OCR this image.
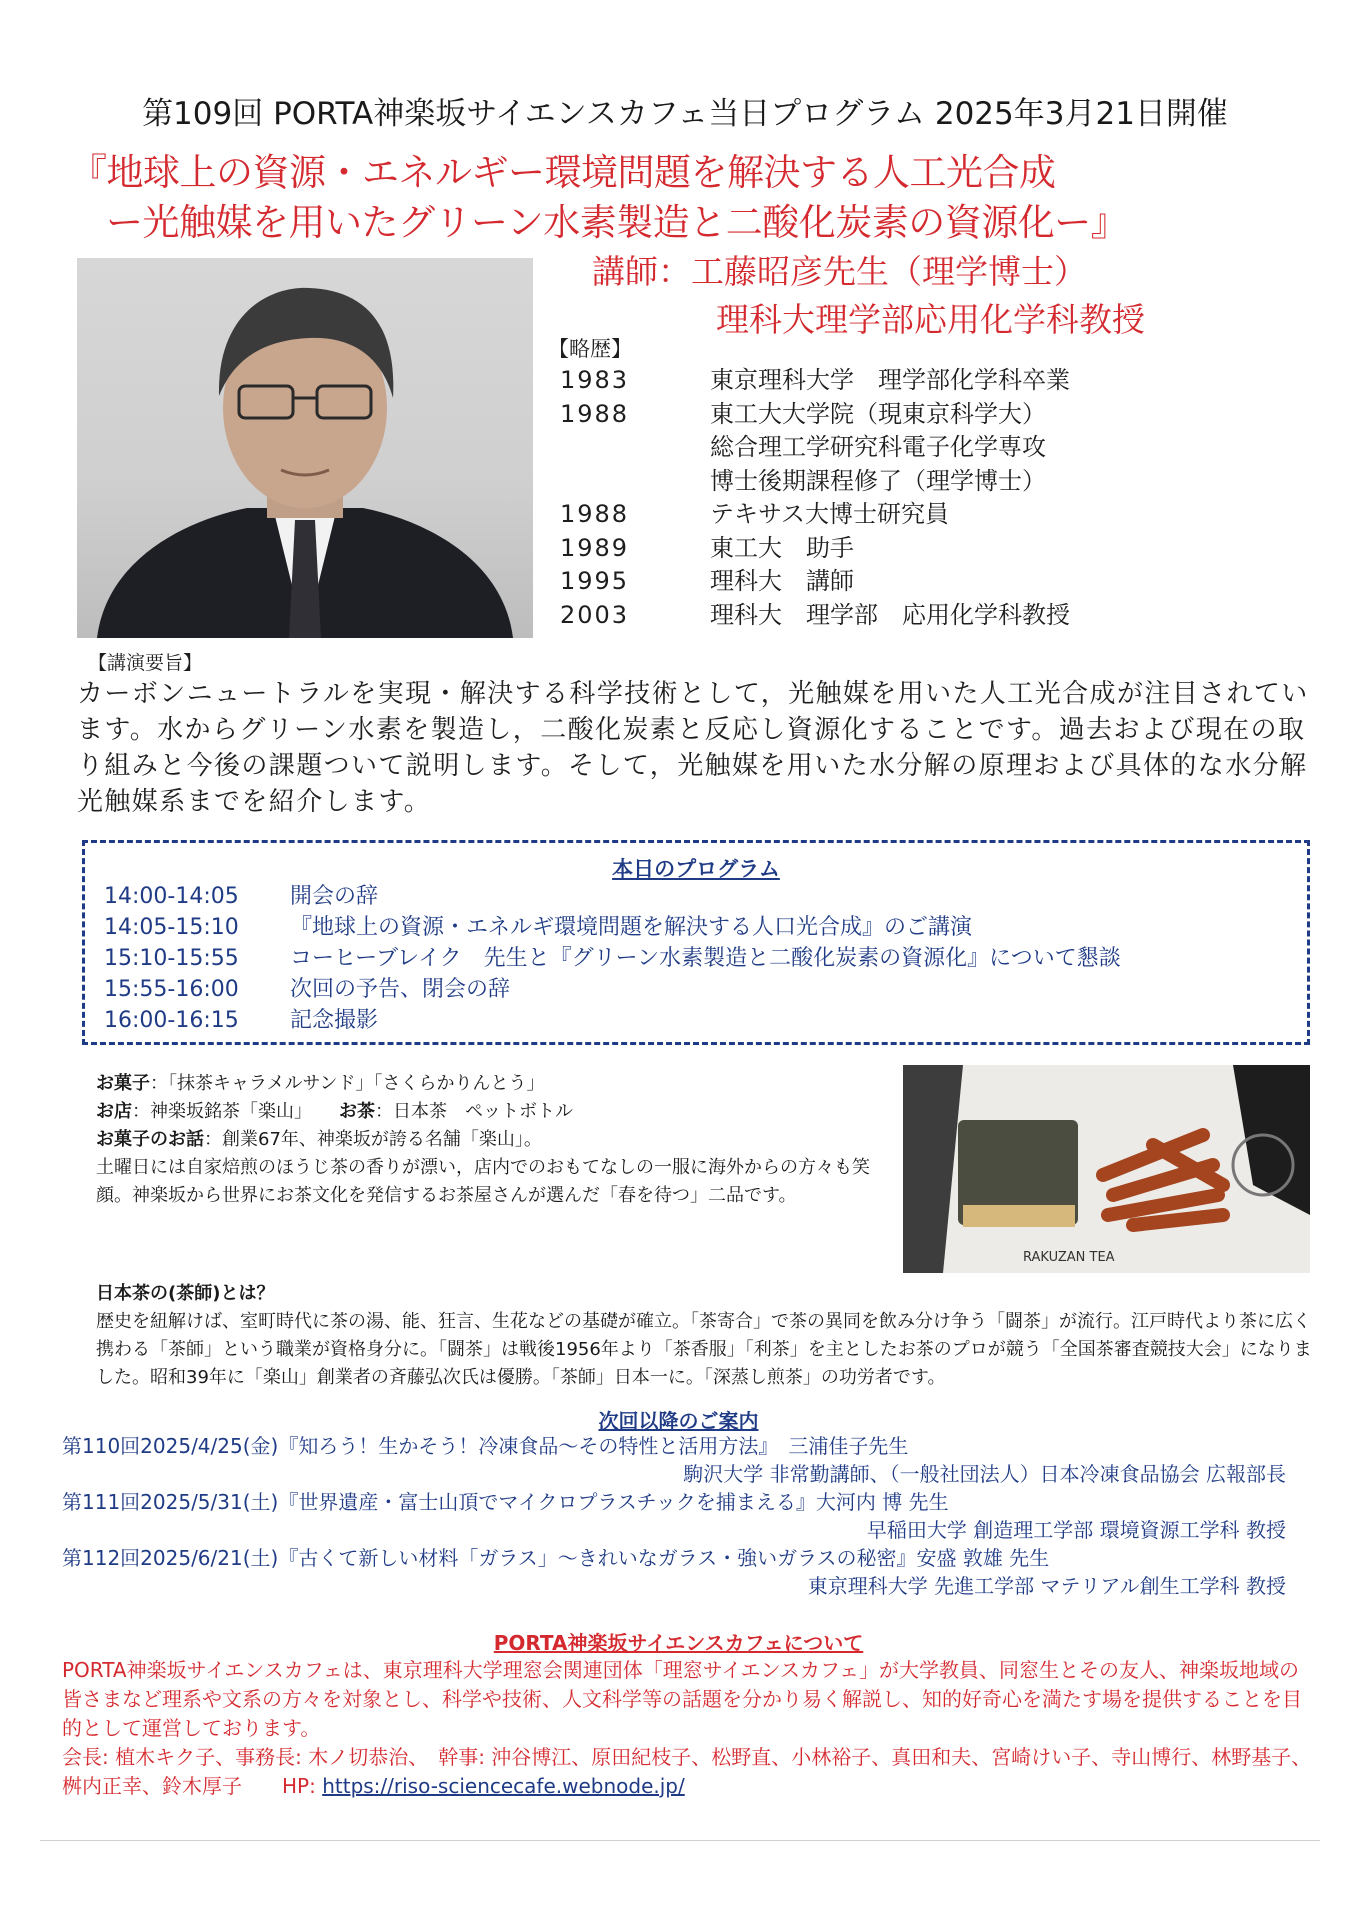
第109回 PORTA神楽坂サイエンスカフェ当日プログラム 2025年3月21日開催
『地球上の資源・エネルギー環境問題を解決する人工光合成
ー光触媒を用いたグリーン水素製造と二酸化炭素の資源化ー』
講師：工藤昭彦先生（理学博士）
理科大理学部応用化学科教授
【略歴】
1983	東京理科大学　理学部化学科卒業
1988	東工大大学院（現東京科学大）
総合理工学研究科電子化学専攻
博士後期課程修了（理学博士）
1988	テキサス大博士研究員
1989	東工大　助手
1995	理科大　講師
2003	理科大　理学部　応用化学科教授
【講演要旨】
カーボンニュートラルを実現・解決する科学技術として，光触媒を用いた人工光合成が注目されています。水からグリーン水素を製造し，二酸化炭素と反応し資源化することです。過去および現在の取り組みと今後の課題ついて説明します。そして，光触媒を用いた水分解の原理および具体的な水分解光触媒系までを紹介します。
本日のプログラム
14:00-14:05 開会の辞
14:05-15:10 『地球上の資源・エネルギ環境問題を解決する人口光合成』のご講演
15:10-15:55 コーヒーブレイク　先生と『グリーン水素製造と二酸化炭素の資源化』について懇談
15:55-16:00 次回の予告、閉会の辞
16:00-16:15 記念撮影
お菓子：「抹茶キャラメルサンド」「さくらかりんとう」
お店：神楽坂銘茶「楽山」　　 お茶：日本茶　ペットボトル
お菓子のお話：創業67年、神楽坂が誇る名舗「楽山」。
土曜日には自家焙煎のほうじ茶の香りが漂い，店内でのおもてなしの一服に海外からの方々も笑顔。神楽坂から世界にお茶文化を発信するお茶屋さんが選んだ「春を待つ」二品です。
RAKUZAN TEA
日本茶の(茶師)とは？
歴史を紐解けば、室町時代に茶の湯、能、狂言、生花などの基礎が確立。「茶寄合」で茶の異同を飲み分け争う「闘茶」が流行。江戸時代より茶に広く携わる「茶師」という職業が資格身分に。「闘茶」は戦後1956年より「茶香服」「利茶」を主としたお茶のプロが競う「全国茶審査競技大会」になりました。昭和39年に「楽山」創業者の斉藤弘次氏は優勝。「茶師」日本一に。「深蒸し煎茶」の功労者です。
次回以降のご案内
第110回2025/4/25(金)『知ろう！生かそう！冷凍食品～その特性と活用方法』　三浦佳子先生
駒沢大学 非常勤講師、（一般社団法人）日本冷凍食品協会 広報部長
第111回2025/5/31(土)『世界遺産・富士山頂でマイクロプラスチックを捕まえる』大河内 博 先生
早稲田大学 創造理工学部 環境資源工学科 教授
第112回2025/6/21(土)『古くて新しい材料「ガラス」～きれいなガラス・強いガラスの秘密』安盛 敦雄 先生
東京理科大学 先進工学部 マテリアル創生工学科 教授
PORTA神楽坂サイエンスカフェについて
PORTA神楽坂サイエンスカフェは、東京理科大学理窓会関連団体「理窓サイエンスカフェ」が大学教員、同窓生とその友人、神楽坂地域の皆さまなど理系や文系の方々を対象とし、科学や技術、人文科学等の話題を分かり易く解説し、知的好奇心を満たす場を提供することを目的として運営しております。
会長: 植木キク子、事務長: 木ノ切恭治、　幹事: 沖谷博江、原田紀枝子、松野直、小林裕子、真田和夫、宮崎けい子、寺山博行、林野基子、桝内正幸、鈴木厚子　　 HP: https://riso-sciencecafe.webnode.jp/
